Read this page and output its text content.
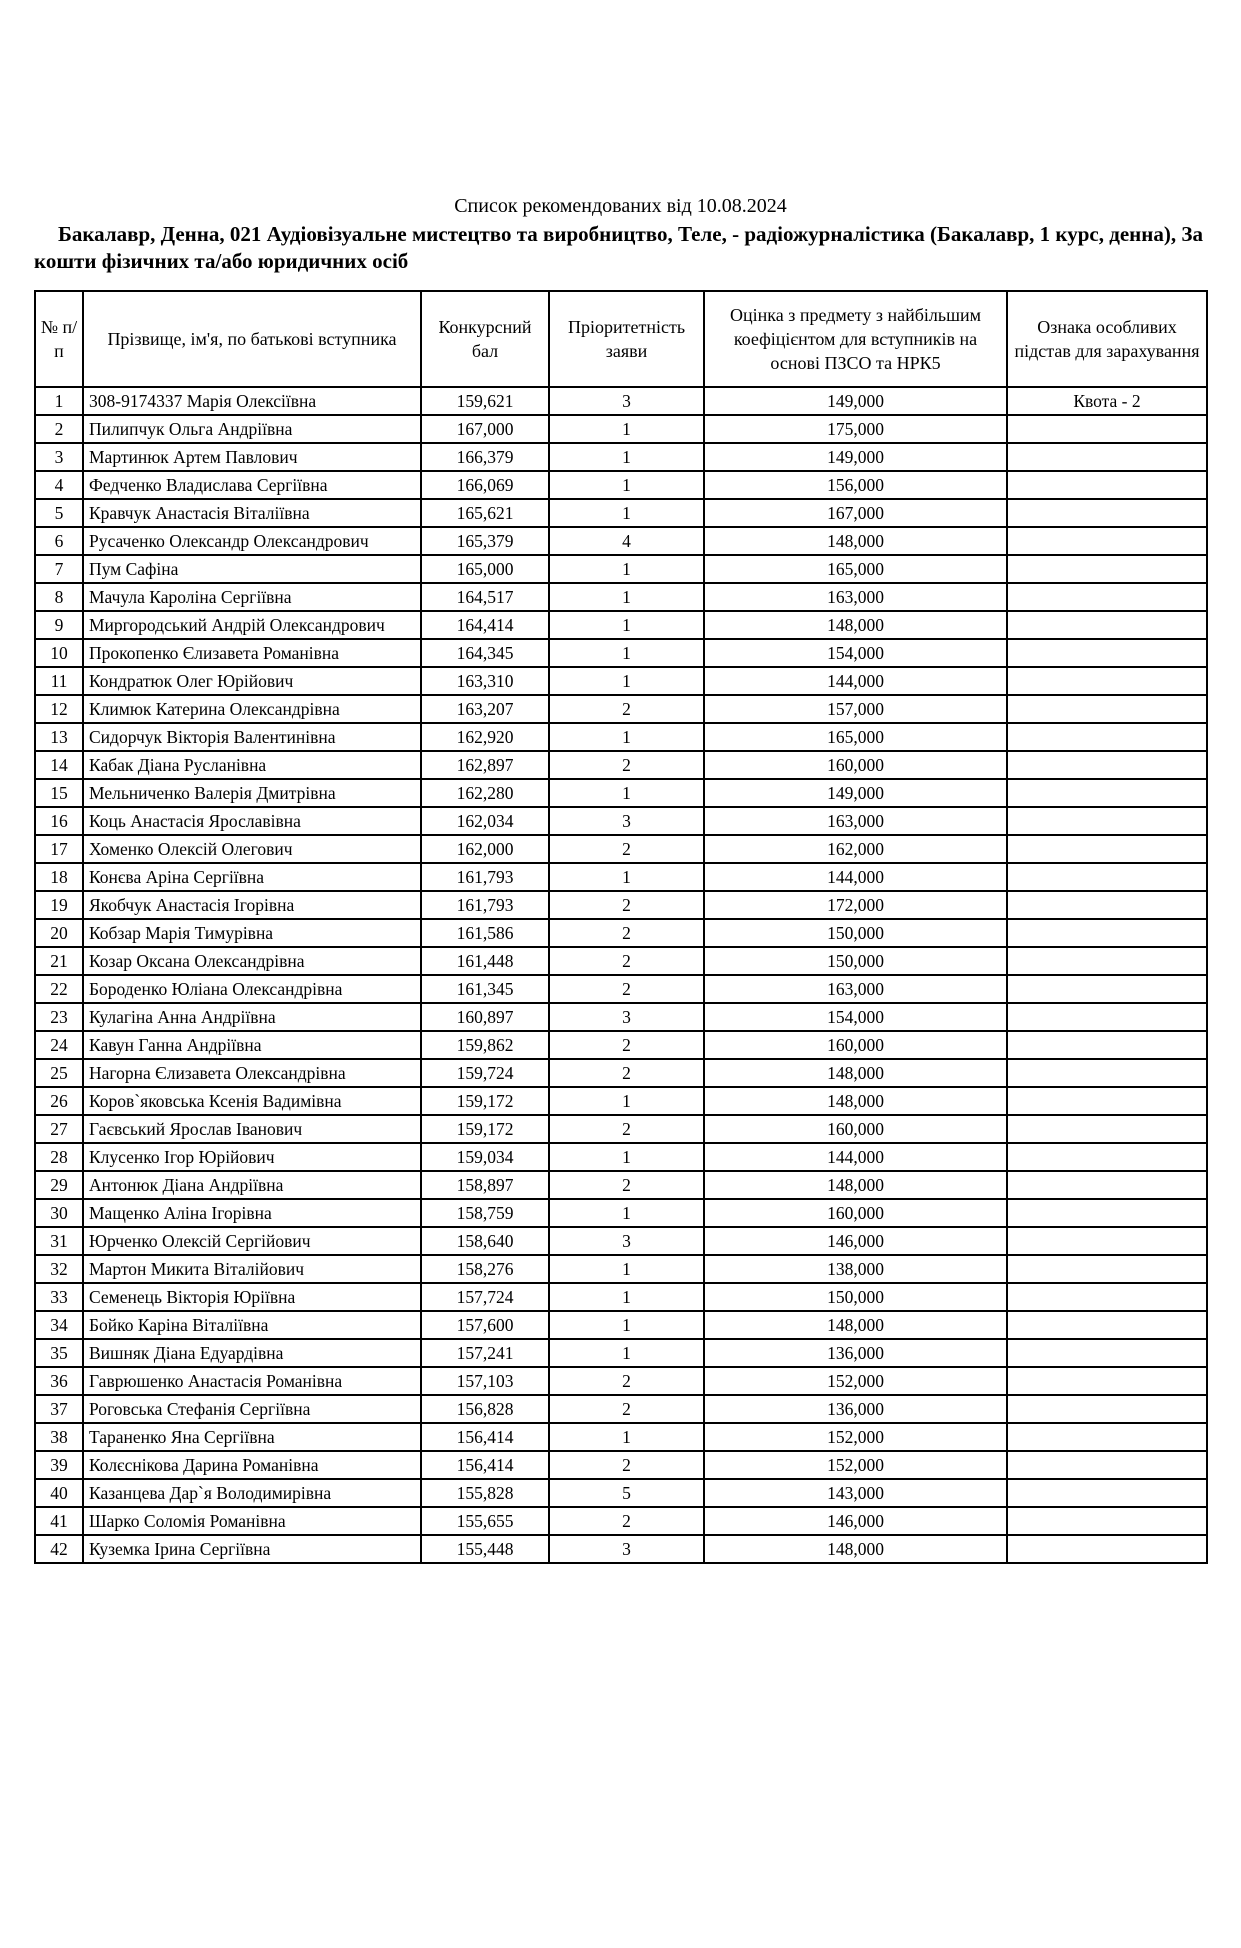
Список рекомендованих від 10.08.2024
Бакалавр, Денна, 021 Аудіовізуальне мистецтво та виробництво, Теле, - радіожурналістика (Бакалавр, 1 курс, денна), За кошти фізичних та/або юридичних осіб
№ п/п	Прізвище, ім'я, по батькові вступника	Конкурсний бал	Пріоритетність заяви	Оцінка з предмету з найбільшим коефіцієнтом для вступників на основі ПЗСО та НРК5	Ознака особливих підстав для зарахування
1	308-9174337 Марія Олексіївна	159,621	3	149,000	Квота - 2
2	Пилипчук Ольга Андріївна	167,000	1	175,000	
3	Мартинюк Артем Павлович	166,379	1	149,000	
4	Федченко Владислава Сергіївна	166,069	1	156,000	
5	Кравчук Анастасія Віталіївна	165,621	1	167,000	
6	Русаченко Олександр Олександрович	165,379	4	148,000	
7	Пум Сафіна	165,000	1	165,000	
8	Мачула Кароліна Сергіївна	164,517	1	163,000	
9	Миргородський Андрій Олександрович	164,414	1	148,000	
10	Прокопенко Єлизавета Романівна	164,345	1	154,000	
11	Кондратюк Олег Юрійович	163,310	1	144,000	
12	Климюк Катерина Олександрівна	163,207	2	157,000	
13	Сидорчук Вікторія Валентинівна	162,920	1	165,000	
14	Кабак Діана Русланівна	162,897	2	160,000	
15	Мельниченко Валерія Дмитрівна	162,280	1	149,000	
16	Коць Анастасія Ярославівна	162,034	3	163,000	
17	Хоменко Олексій Олегович	162,000	2	162,000	
18	Конєва Аріна Сергіївна	161,793	1	144,000	
19	Якобчук Анастасія Ігорівна	161,793	2	172,000	
20	Кобзар Марія Тимурівна	161,586	2	150,000	
21	Козар Оксана Олександрівна	161,448	2	150,000	
22	Бороденко Юліана Олександрівна	161,345	2	163,000	
23	Кулагіна Анна Андріївна	160,897	3	154,000	
24	Кавун Ганна Андріївна	159,862	2	160,000	
25	Нагорна Єлизавета Олександрівна	159,724	2	148,000	
26	Коров`яковська Ксенія Вадимівна	159,172	1	148,000	
27	Гаєвський Ярослав Іванович	159,172	2	160,000	
28	Клусенко Ігор Юрійович	159,034	1	144,000	
29	Антонюк Діана Андріївна	158,897	2	148,000	
30	Мащенко Аліна Ігорівна	158,759	1	160,000	
31	Юрченко Олексій Сергійович	158,640	3	146,000	
32	Мартон Микита Віталійович	158,276	1	138,000	
33	Семенець Вікторія Юріївна	157,724	1	150,000	
34	Бойко Каріна Віталіївна	157,600	1	148,000	
35	Вишняк Діана Едуардівна	157,241	1	136,000	
36	Гаврюшенко Анастасія Романівна	157,103	2	152,000	
37	Роговська Стефанія Сергіївна	156,828	2	136,000	
38	Тараненко Яна Сергіївна	156,414	1	152,000	
39	Колєснікова Дарина Романівна	156,414	2	152,000	
40	Казанцева Дар`я Володимирівна	155,828	5	143,000	
41	Шарко Соломія Романівна	155,655	2	146,000	
42	Куземка Ірина Сергіївна	155,448	3	148,000	
